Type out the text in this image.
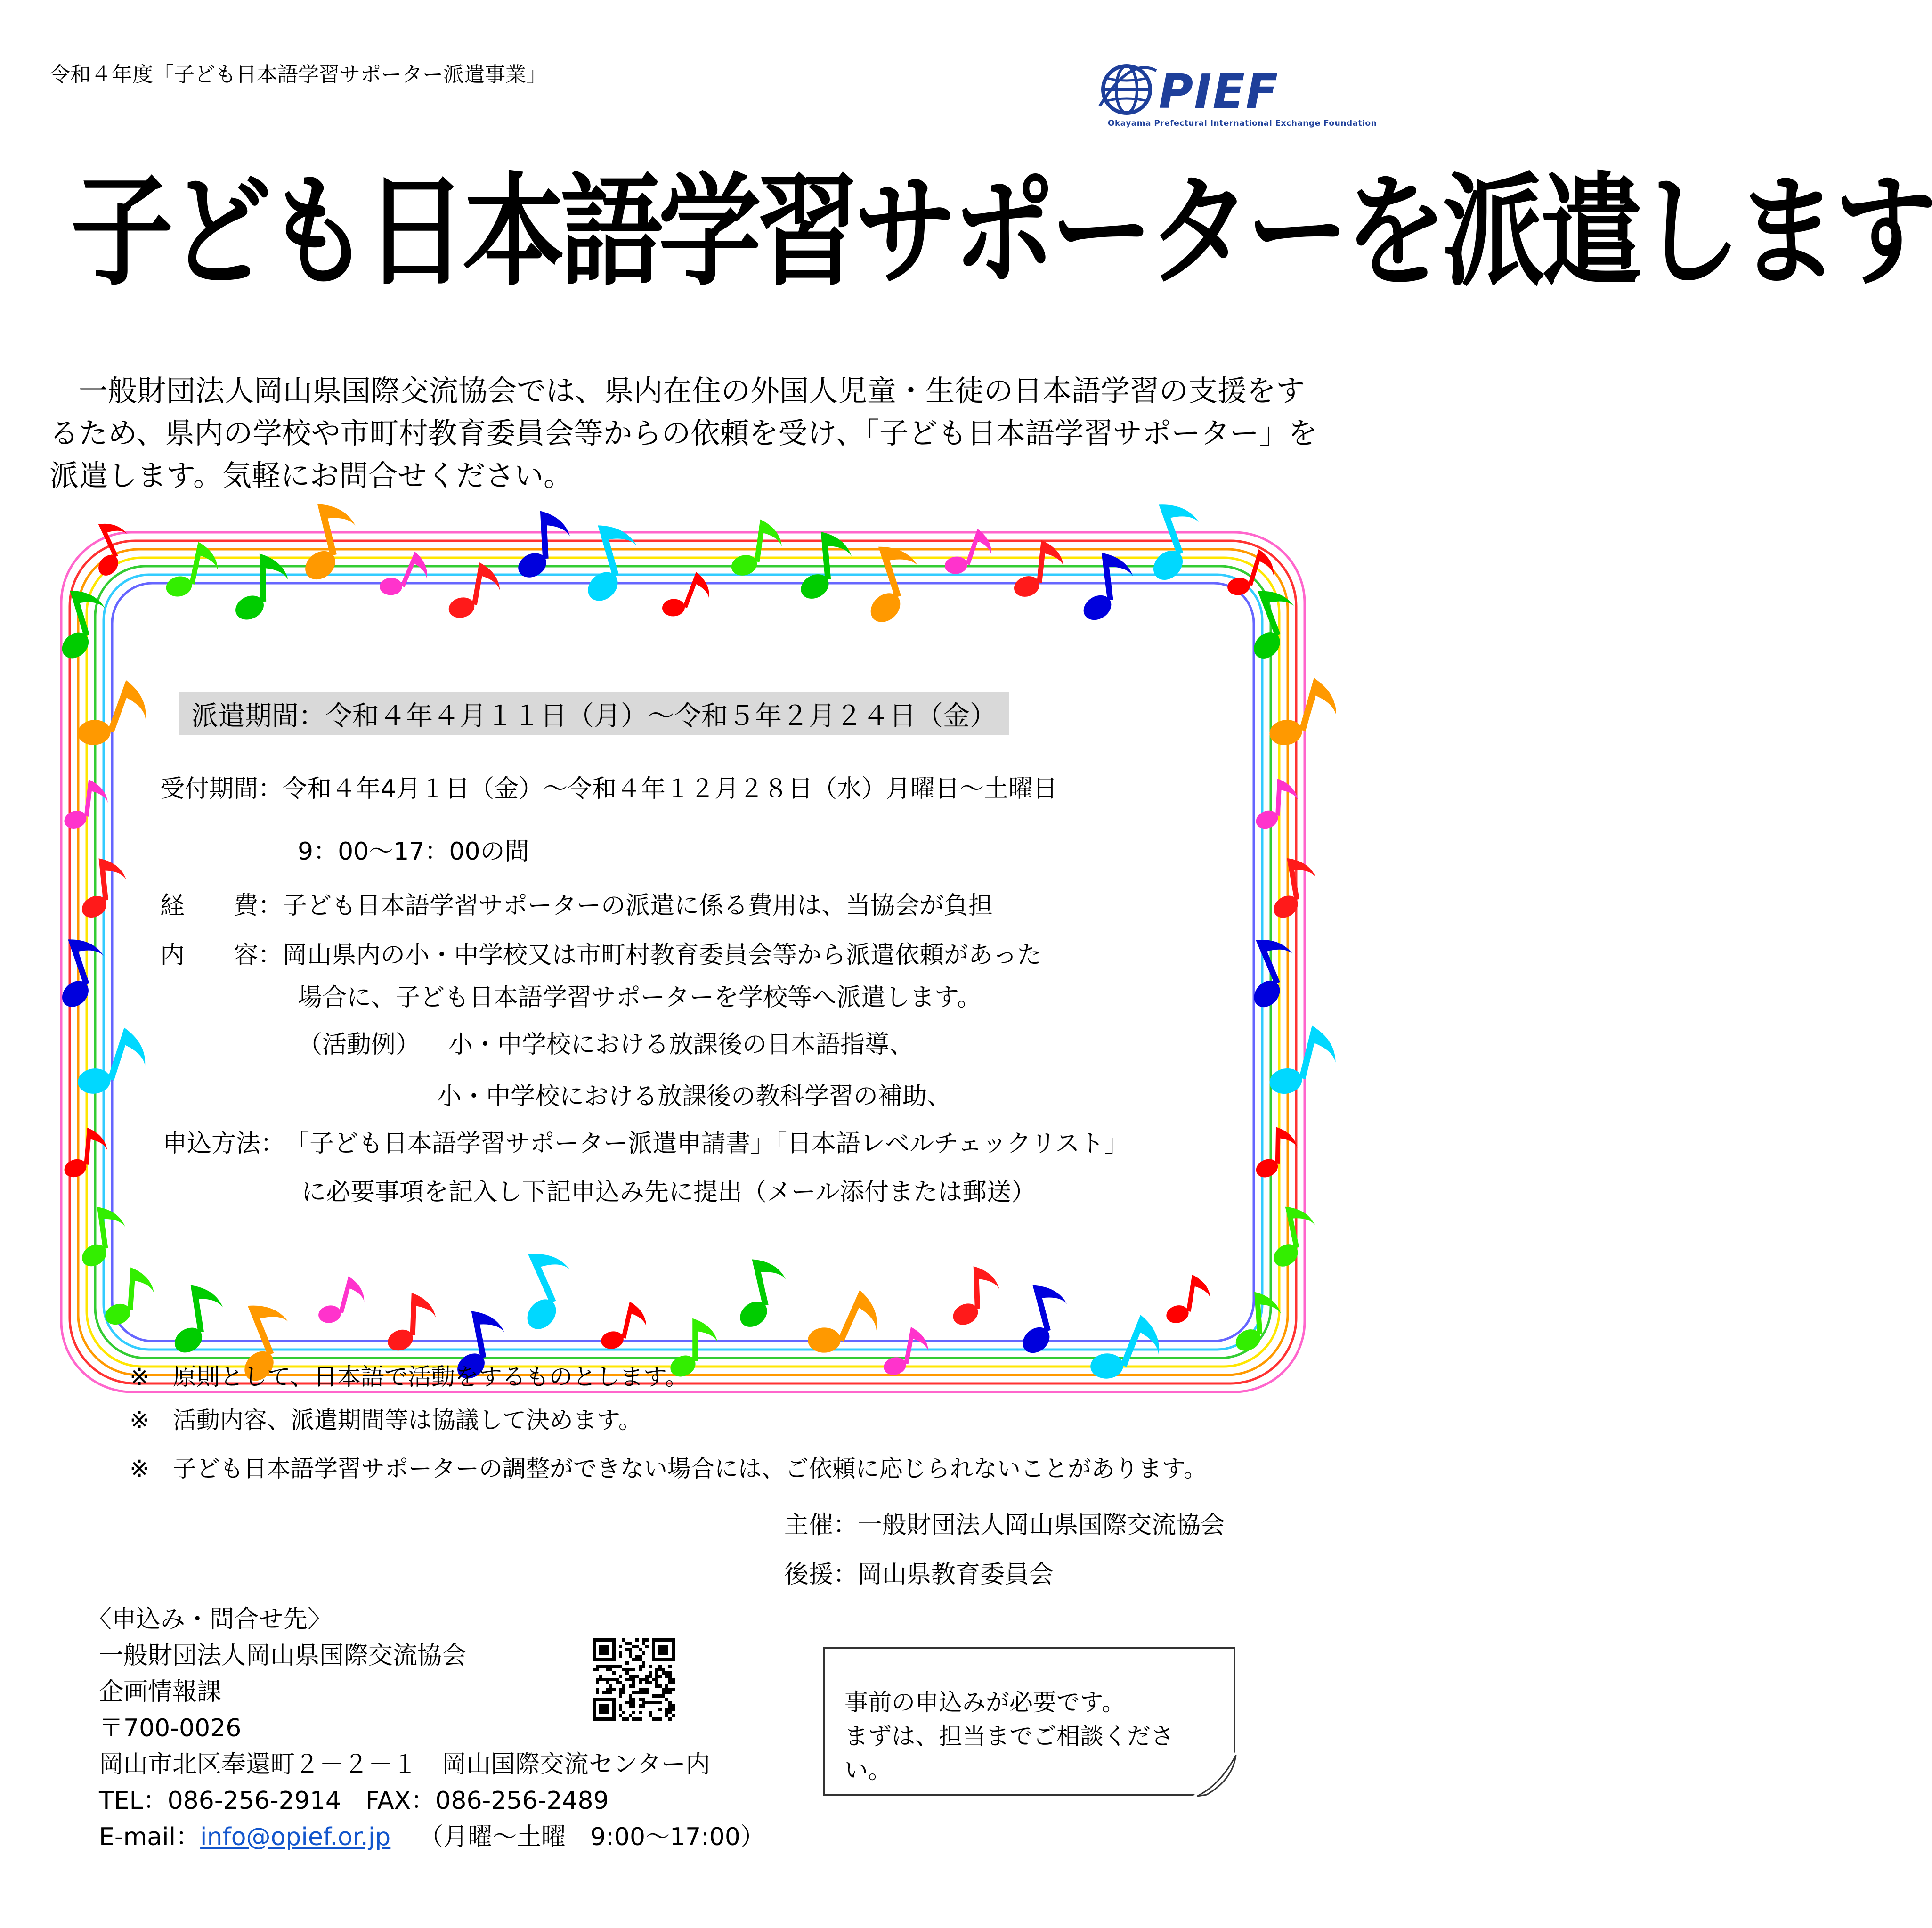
令和４年度「子ども日本語学習サポーター派遣事業」	PIEF
Okayama Prefectural International Exchange Foundation
子ども日本語学習サポーターを派遣します
一般財団法人岡山県国際交流協会では、県内在住の外国人児童・生徒の日本語学習の支援をするため、県内の学校や市町村教育委員会等からの依頼を受け、「子ども日本語学習サポーター」を派遣します。気軽にお問合せください。
派遣期間：令和４年４月１１日（月）～令和５年２月２４日（金）
受付期間：令和４年4月１日（金）～令和４年１２月２８日（水）月曜日～土曜日
9：00～17：00の間
経　　費：子ども日本語学習サポーターの派遣に係る費用は、当協会が負担
内　　容：岡山県内の小・中学校又は市町村教育委員会等から派遣依頼があった
場合に、子ども日本語学習サポーターを学校等へ派遣します。
（活動例） 小・中学校における放課後の日本語指導、
小・中学校における放課後の教科学習の補助、
申込方法：「子ども日本語学習サポーター派遣申請書」「日本語レベルチェックリスト」
に必要事項を記入し下記申込み先に提出（メール添付または郵送）
※ 原則として、日本語で活動をするものとします。
※ 活動内容、派遣期間等は協議して決めます。
※ 子ども日本語学習サポーターの調整ができない場合には、ご依頼に応じられないことがあります。
主催：一般財団法人岡山県国際交流協会
後援：岡山県教育委員会
〈申込み・問合せ先〉
一般財団法人岡山県国際交流協会
企画情報課
〒700-0026
岡山市北区奉還町２－２－１　岡山国際交流センター内
TEL：086-256-2914　FAX：086-256-2489
E-mail：info@opief.or.jp （月曜～土曜　9:00～17:00）
事前の申込みが必要です。
まずは、担当までご相談ください。
